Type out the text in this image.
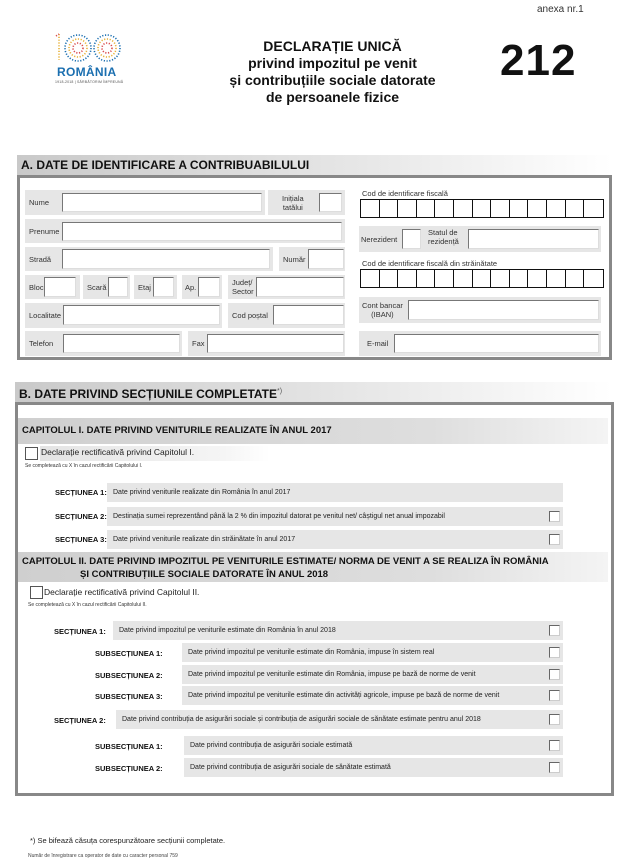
anexa nr.1
ROMÂNIA
1918-2018 | SĂRBĂTORIM ÎMPREUNĂ
DECLARAȚIE UNICĂ
privind impozitul pe venit
și contribuțiile sociale datorate
de persoanele fizice
212
A. DATE DE IDENTIFICARE A CONTRIBUABILULUI
Nume	Inițiala
tatălui
Prenume
Stradă	Număr
Bloc	Scară	Etaj	Ap.	Județ/
Sector
Localitate	Cod poștal
Telefon	Fax
Cod de identificare fiscală
Nerezident
Statul de
rezidență
Cod de identificare fiscală din străinătate
Cont bancar
(IBAN)
E-mail
B. DATE PRIVIND SECȚIUNILE COMPLETATE*)
CAPITOLUL I. DATE PRIVIND VENITURILE REALIZATE ÎN ANUL 2017
Declarație rectificativă privind Capitolul I.
Se completează cu X în cazul rectificării Capitolului I.
SECȚIUNEA 1: Date privind veniturile realizate din România în anul 2017
SECȚIUNEA 2: Destinația sumei reprezentând până la 2 % din impozitul datorat pe venitul net/ câștigul net anual impozabil
SECȚIUNEA 3: Date privind veniturile realizate din străinătate în anul 2017
CAPITOLUL II. DATE PRIVIND IMPOZITUL PE VENITURILE ESTIMATE/ NORMA DE VENIT A SE REALIZA ÎN ROMÂNIA
ȘI CONTRIBUȚIILE SOCIALE DATORATE ÎN ANUL 2018
Declarație rectificativă privind Capitolul II.
Se completează cu X în cazul rectificării Capitolului II.
SECȚIUNEA 1:	Date privind impozitul pe veniturile estimate din România în anul 2018
SUBSECȚIUNEA 1:	Date privind impozitul pe veniturile estimate din România, impuse în sistem real
SUBSECȚIUNEA 2:	Date privind impozitul pe veniturile estimate din România, impuse pe bază de norme de venit
SUBSECȚIUNEA 3:	Date privind impozitul pe veniturile estimate din activități agricole, impuse pe bază de norme de venit
SECȚIUNEA 2:	Date privind contribuția de asigurări sociale și contribuția de asigurări sociale de sănătate estimate pentru anul 2018
SUBSECȚIUNEA 1:	Date privind contribuția de asigurări sociale estimată
SUBSECȚIUNEA 2:	Date privind contribuția de asigurări sociale de sănătate estimată
*) Se bifează căsuța corespunzătoare secțiunii completate.
Număr de înregistrare ca operator de date cu caracter personal 759
